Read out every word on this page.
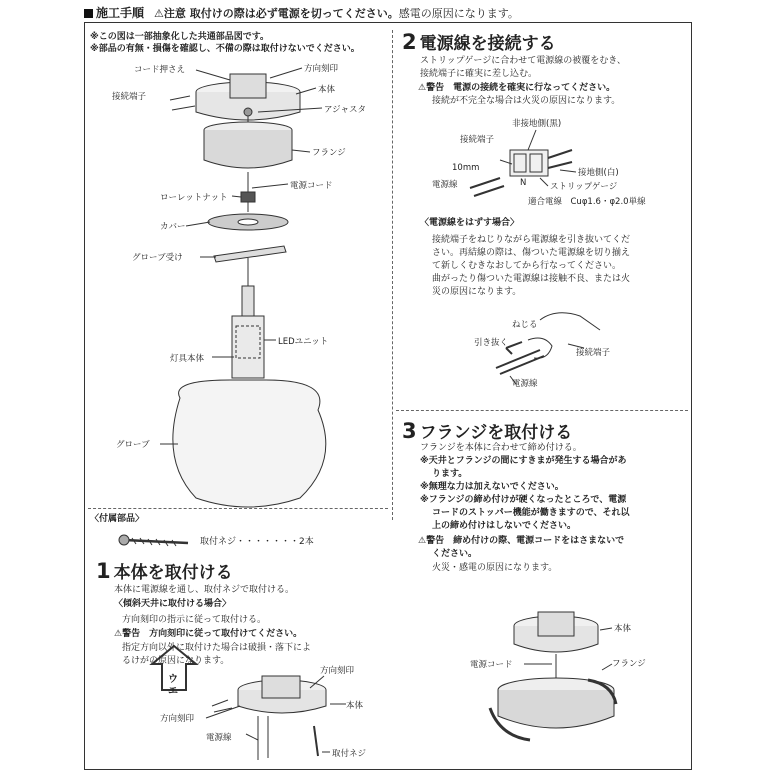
施工手順 ⚠注意 取付けの際は必ず電源を切ってください。感電の原因になります。
※この図は一部抽象化した共通部品図です。
※部品の有無・損傷を確認し、不備の際は取付けないでください。
ウ
エ
コード押さえ	方向刻印
接続端子
本体
アジャスタ
フランジ
電源コード
ローレットナット
カバー
グローブ受け
LEDユニット
灯具本体
グローブ
〈付属部品〉
取付ネジ・・・・・・・2本
1 本体を取付ける
本体に電源線を通し、取付ネジで取付ける。
〈傾斜天井に取付ける場合〉
方向刻印の指示に従って取付ける。
⚠警告　方向刻印に従って取付けてください。
指定方向以外に取付けた場合は破損・落下によ
るけがの原因になります。
方向刻印
方向刻印
本体
電源線
取付ネジ
2 電源線を接続する
ストリップゲージに合わせて電源線の被覆をむき、
接続端子に確実に差し込む。
⚠警告　電源の接続を確実に行なってください。
接続が不完全な場合は火災の原因になります。
非接地側(黒)
接続端子
接地側(白)
10mm
電源線	N	ストリップゲージ
適合電線　Cuφ1.6・φ2.0単線
〈電源線をはずす場合〉
接続端子をねじりながら電源線を引き抜いてくだ
さい。再結線の際は、傷ついた電源線を切り揃え
て新しくむきなおしてから行なってください。
曲がったり傷ついた電源線は接触不良、または火
災の原因になります。
ねじる
引き抜く
接続端子
電源線
3 フランジを取付ける
フランジを本体に合わせて締め付ける。
※天井とフランジの間にすきまが発生する場合があ
ります。
※無理な力は加えないでください。
※フランジの締め付けが硬くなったところで、電源
コードのストッパー機能が働きますので、それ以
上の締め付けはしないでください。
⚠警告　締め付けの際、電源コードをはさまないで
ください。
火災・感電の原因になります。
本体
電源コード	フランジ
